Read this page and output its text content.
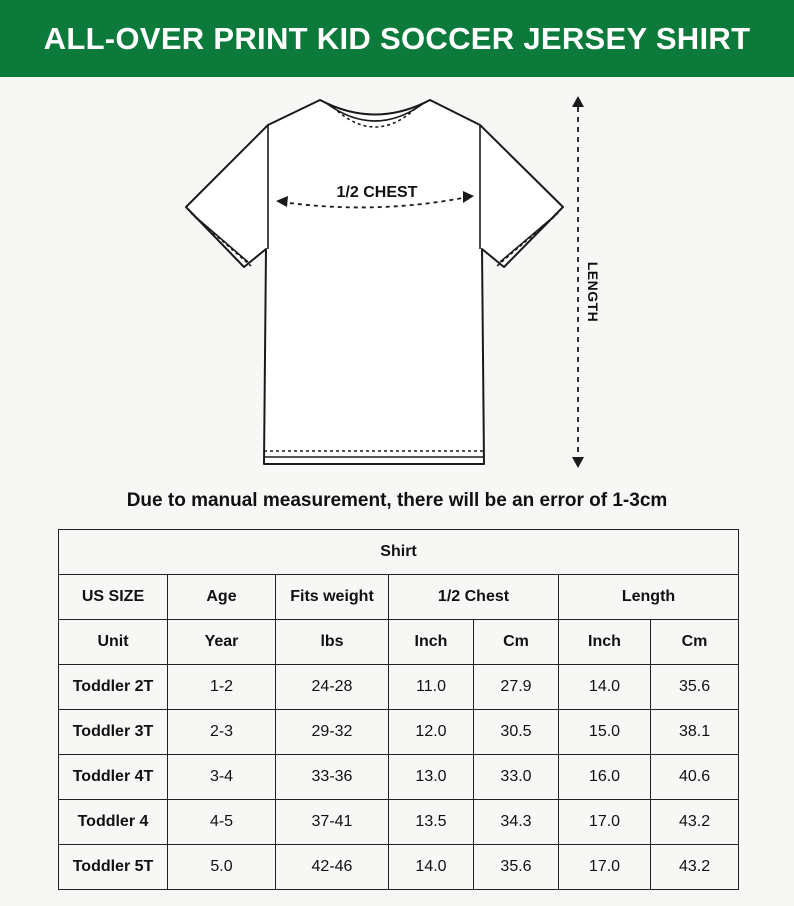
ALL-OVER PRINT KID SOCCER JERSEY SHIRT
1/2 CHEST
LENGTH
Due to manual measurement, there will be an error of 1-3cm
Shirt						
US SIZE	Age	Fits weight	1/2 Chest		Length	
Unit	Year	lbs	Inch	Cm	Inch	Cm
Toddler 2T	1-2	24-28	11.0	27.9	14.0	35.6
Toddler 3T	2-3	29-32	12.0	30.5	15.0	38.1
Toddler 4T	3-4	33-36	13.0	33.0	16.0	40.6
Toddler 4	4-5	37-41	13.5	34.3	17.0	43.2
Toddler 5T	5.0	42-46	14.0	35.6	17.0	43.2
